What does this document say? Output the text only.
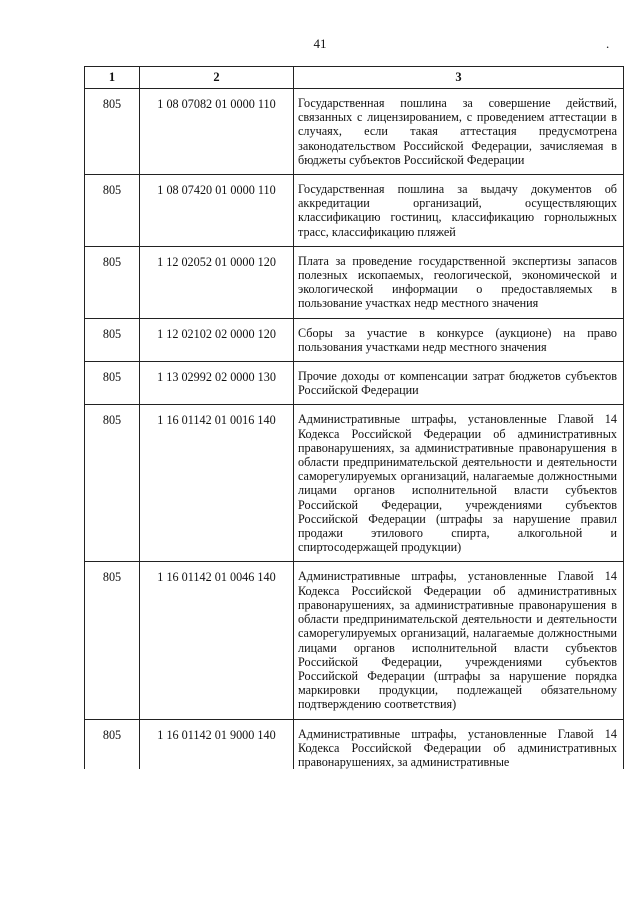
41	.
1	2	3
805	1 08 07082 01 0000 110	Государственная пошлина за совершение действий, связанных с лицензированием, с проведением аттестации в случаях, если такая аттестация предусмотрена законодательством Российской Федерации, зачисляемая в бюджеты субъектов Российской Федерации
805	1 08 07420 01 0000 110	Государственная пошлина за выдачу документов об аккредитации организаций, осуществляющих классификацию гостиниц, классификацию горнолыжных трасс, классификацию пляжей
805	1 12 02052 01 0000 120	Плата за проведение государственной экспертизы запасов полезных ископаемых, геологической, экономической и экологической информации о предоставляемых в пользование участках недр местного значения
805	1 12 02102 02 0000 120	Сборы за участие в конкурсе (аукционе) на право пользования участками недр местного значения
805	1 13 02992 02 0000 130	Прочие доходы от компенсации затрат бюджетов субъектов Российской Федерации
805	1 16 01142 01 0016 140	Административные штрафы, установленные Главой 14 Кодекса Российской Федерации об административных правонарушениях, за административные правонарушения в области предпринимательской деятельности и деятельности саморегулируемых организаций, налагаемые должностными лицами органов исполнительной власти субъектов Российской Федерации, учреждениями субъектов Российской Федерации (штрафы за нарушение правил продажи этилового спирта, алкогольной и спиртосодержащей продукции)
805	1 16 01142 01 0046 140	Административные штрафы, установленные Главой 14 Кодекса Российской Федерации об административных правонарушениях, за административные правонарушения в области предпринимательской деятельности и деятельности саморегулируемых организаций, налагаемые должностными лицами органов исполнительной власти субъектов Российской Федерации, учреждениями субъектов Российской Федерации (штрафы за нарушение порядка маркировки продукции, подлежащей обязательному подтверждению соответствия)
805	1 16 01142 01 9000 140	Административные штрафы, установленные Главой 14 Кодекса Российской Федерации об административных правонарушениях, за административные
